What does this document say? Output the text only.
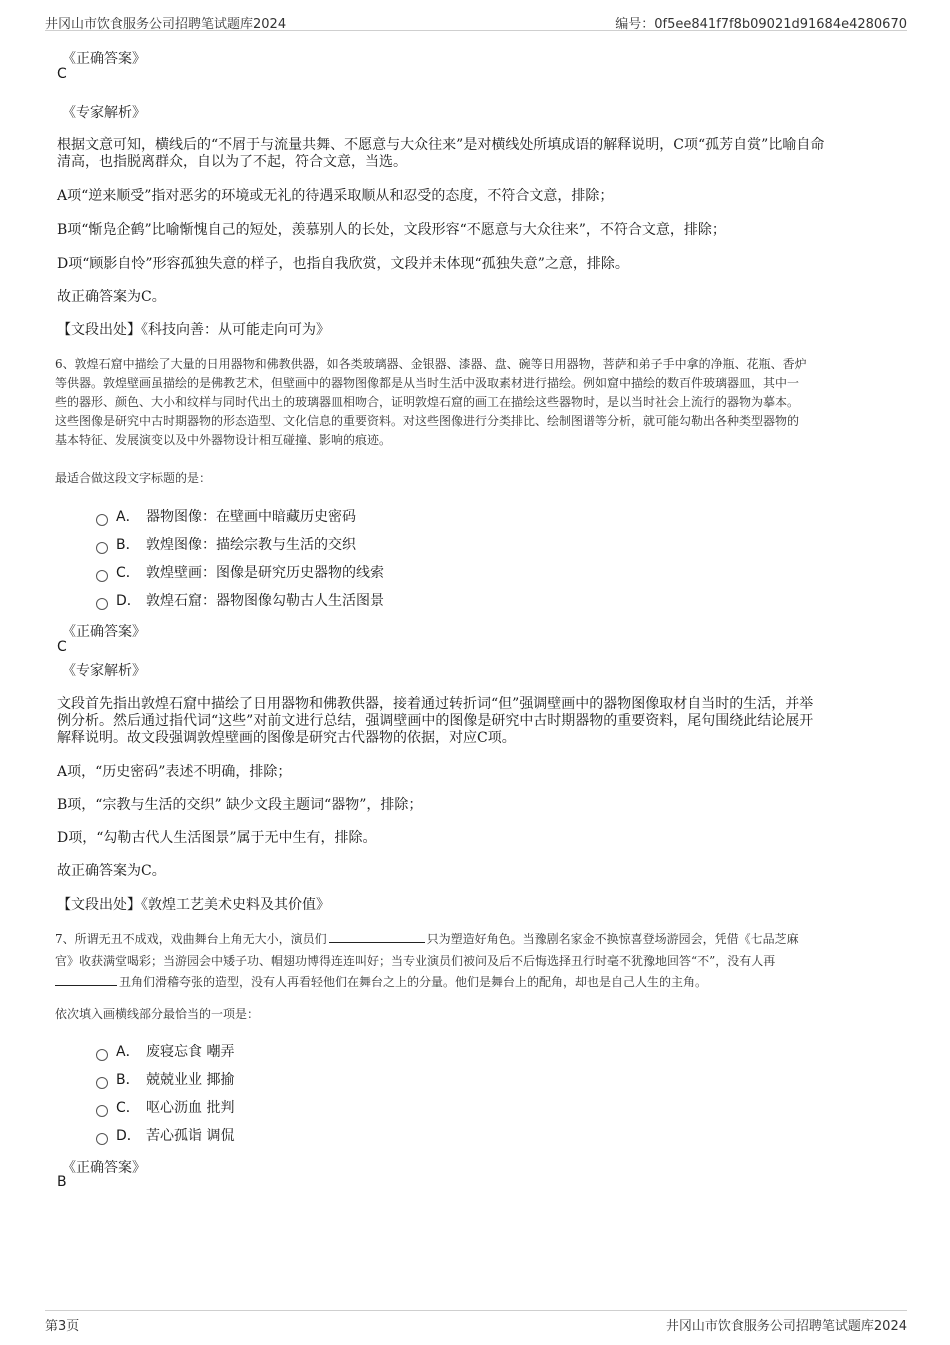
井冈山市饮食服务公司招聘笔试题库2024	编号：0f5ee841f7f8b09021d91684e4280670
《正确答案》
C
《专家解析》
根据文意可知，横线后的“不屑于与流量共舞、不愿意与大众往来”是对横线处所填成语的解释说明，C项“孤芳自赏”比喻自命
清高，也指脱离群众，自以为了不起，符合文意，当选。
A项“逆来顺受”指对恶劣的环境或无礼的待遇采取顺从和忍受的态度，不符合文意，排除；
B项“惭凫企鹤”比喻惭愧自己的短处，羡慕别人的长处，文段形容“不愿意与大众往来”，不符合文意，排除；
D项“顾影自怜”形容孤独失意的样子，也指自我欣赏，文段并未体现“孤独失意”之意，排除。
故正确答案为C。
【文段出处】《科技向善：从可能走向可为》
6、敦煌石窟中描绘了大量的日用器物和佛教供器，如各类玻璃器、金银器、漆器、盘、碗等日用器物，菩萨和弟子手中拿的净瓶、花瓶、香炉
等供器。敦煌壁画虽描绘的是佛教艺术，但壁画中的器物图像都是从当时生活中汲取素材进行描绘。例如窟中描绘的数百件玻璃器皿，其中一
些的器形、颜色、大小和纹样与同时代出土的玻璃器皿相吻合，证明敦煌石窟的画工在描绘这些器物时，是以当时社会上流行的器物为摹本。
这些图像是研究中古时期器物的形态造型、文化信息的重要资料。对这些图像进行分类排比、绘制图谱等分析，就可能勾勒出各种类型器物的
基本特征、发展演变以及中外器物设计相互碰撞、影响的痕迹。
最适合做这段文字标题的是：
A． 器物图像：在壁画中暗藏历史密码
B． 敦煌图像：描绘宗教与生活的交织
C． 敦煌壁画：图像是研究历史器物的线索
D． 敦煌石窟：器物图像勾勒古人生活图景
《正确答案》
C
《专家解析》
文段首先指出敦煌石窟中描绘了日用器物和佛教供器，接着通过转折词“但”强调壁画中的器物图像取材自当时的生活，并举
例分析。然后通过指代词“这些”对前文进行总结，强调壁画中的图像是研究中古时期器物的重要资料，尾句围绕此结论展开
解释说明。故文段强调敦煌壁画的图像是研究古代器物的依据，对应C项。
A项，“历史密码”表述不明确，排除；
B项，“宗教与生活的交织” 缺少文段主题词“器物”，排除；
D项，“勾勒古代人生活图景”属于无中生有，排除。
故正确答案为C。
【文段出处】《敦煌工艺美术史料及其价值》
7、所谓无丑不成戏，戏曲舞台上角无大小，演员们	只为塑造好角色。当豫剧名家金不换惊喜登场游园会，凭借《七品芝麻
官》收获满堂喝彩；当游园会中矮子功、帽翅功博得连连叫好；当专业演员们被问及后不后悔选择丑行时毫不犹豫地回答“不”，没有人再
丑角们滑稽夸张的造型，没有人再看轻他们在舞台之上的分量。他们是舞台上的配角，却也是自己人生的主角。
依次填入画横线部分最恰当的一项是：
A． 废寝忘食 嘲弄
B． 兢兢业业 揶揄
C． 呕心沥血 批判
D． 苦心孤诣 调侃
《正确答案》
B
第3页	井冈山市饮食服务公司招聘笔试题库2024
